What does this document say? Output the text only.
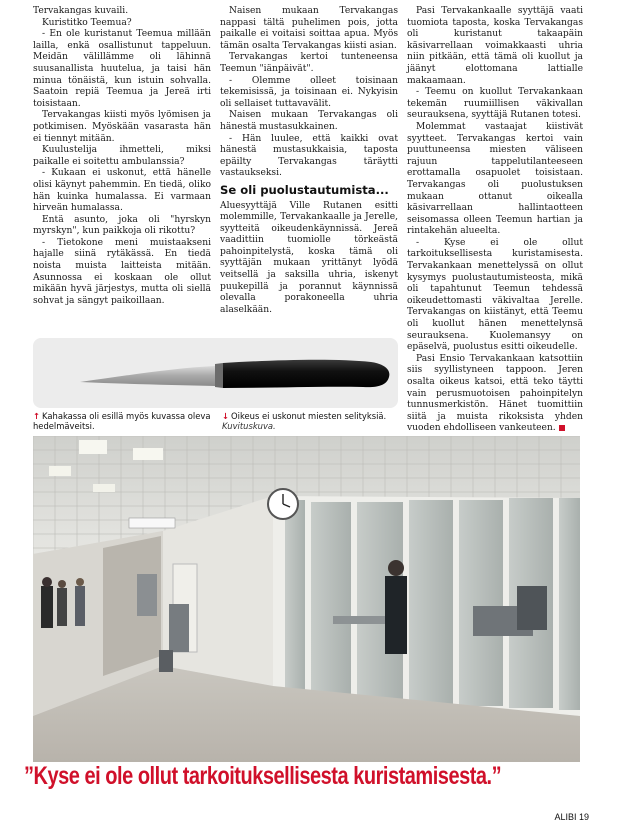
Tervakangas kuvaili.

Kuristitko Teemua?

- En ole kuristanut Teemua millään lailla, enkä osallistunut tappeluun. Meidän välillämme oli lähinnä suusanallista huutelua, ja taisi hän minua tönäistä, kun istuin sohvalla. Saatoin repiä Teemua ja Jereä irti toisistaan.

Tervakangas kiisti myös lyömisen ja potkimisen. Myöskään vasarasta hän ei tiennyt mitään.

Kuulustelija ihmetteli, miksi paikalle ei soitettu ambulanssia?

- Kukaan ei uskonut, että hänelle olisi käynyt pahemmin. En tiedä, oliko hän kuinka humalassa. Ei varmaan hirveän humalassa.

Entä asunto, joka oli "hyrskyn myrskyn", kun paikkoja oli rikottu?

- Tietokone meni muistaakseni hajalle siinä rytäkässä. En tiedä noista muista laitteista mitään. Asunnossa ei koskaan ole ollut mikään hyvä järjestys, mutta oli siellä sohvat ja sängyt paikoillaan.

Naisen mukaan Tervakangas nappasi tältä puhelimen pois, jotta paikalle ei voitaisi soittaa apua. Myös tämän osalta Tervakangas kiisti asian.

Tervakangas kertoi tunteneensa Teemun "iänpäivät".

- Olemme olleet toisinaan tekemisissä, ja toisinaan ei. Nykyisin oli sellaiset tuttavavälit.

Naisen mukaan Tervakangas oli hänestä mustasukkainen.

- Hän luulee, että kaikki ovat hänestä mustasukkaisia, taposta epäilty Tervakangas täräytti vastaukseksi.

Se oli puolustautumista...

Aluesyyttäjä Ville Rutanen esitti molemmille, Tervakankaalle ja Jerelle, syytteitä oikeudenkäynnissä. Jereä vaadittiin tuomiolle törkeästä pahoinpitelystä, koska tämä oli syyttäjän mukaan yrittänyt lyödä veitsellä ja saksilla uhria, iskenyt puukepillä ja porannut käynnissä olevalla porakoneella uhria alaselkään.

Pasi Tervakankaalle syyttäjä vaati tuomiota taposta, koska Tervakangas oli kuristanut takaapäin käsivarrellaan voimakkaasti uhria niin pitkään, että tämä oli kuollut ja jäänyt elottomana lattialle makaamaan.

- Teemu on kuollut Tervakankaan tekemän ruumiillisen väkivallan seurauksena, syyttäjä Rutanen totesi.

Molemmat vastaajat kiistivät syytteet. Tervakangas kertoi vain puuttuneensa miesten väliseen rajuun tappelutilanteeseen erottamalla osapuolet toisistaan. Tervakangas oli puolustuksen mukaan ottanut oikealla käsivarrellaan hallintaotteen seisomassa olleen Teemun hartian ja rintakehän alueelta.

- Kyse ei ole ollut tarkoituksellisesta kuristamisesta. Tervakankaan menettelyssä on ollut kysymys puolustautumisteosta, mikä oli tapahtunut Teemun tehdessä oikeudettomasti väkivaltaa Jerelle. Tervakangas on kiistänyt, että Teemu oli kuollut hänen menettelynsä seurauksena. Kuolemansyy on epäselvä, puolustus esitti oikeudelle.

Pasi Ensio Tervakankaan katsottiin siis syyllistyneen tappoon. Jeren osalta oikeus katsoi, että teko täytti vain perusmuotoisen pahoinpitelyn tunnusmerkistön. Hänet tuomittiin siitä ja muista rikoksista yhden vuoden ehdolliseen vankeuteen.

↑ Kahakassa oli esillä myös kuvassa oleva hedelmäveitsi.
↓ Oikeus ei uskonut miesten selityksiä.
Kuvituskuva.
”Kyse ei ole ollut tarkoituksellisesta kuristamisesta.”
ALIBI 19
